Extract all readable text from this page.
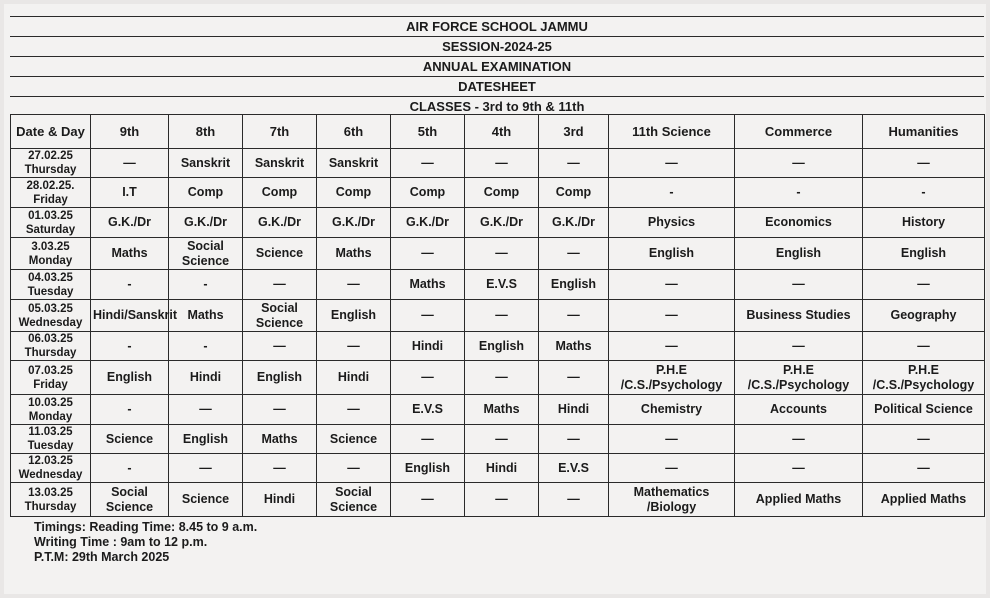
AIR FORCE SCHOOL JAMMU
SESSION-2024-25
ANNUAL EXAMINATION
DATESHEET
CLASSES - 3rd to 9th & 11th
Date & Day	9th	8th	7th	6th	5th	4th	3rd	11th Science	Commerce	Humanities

27.02.25
Thursday	—	Sanskrit	Sanskrit	Sanskrit	—	—	—	—	—	—

28.02.25.
Friday	I.T	Comp	Comp	Comp	Comp	Comp	Comp	-	-	-

01.03.25
Saturday	G.K./Dr	G.K./Dr	G.K./Dr	G.K./Dr	G.K./Dr	G.K./Dr	G.K./Dr	Physics	Economics	History

3.03.25
Monday	Maths	Social Science	Science	Maths	—	—	—	English	English	English

04.03.25
Tuesday	-	-	—	—	Maths	E.V.S	English	—	—	—

05.03.25
Wednesday	Hindi/Sanskrit	Maths	Social Science	English	—	—	—	—	Business Studies	Geography

06.03.25
Thursday	-	-	—	—	Hindi	English	Maths	—	—	—

07.03.25
Friday	English	Hindi	English	Hindi	—	—	—	P.H.E /C.S./Psychology	P.H.E /C.S./Psychology	P.H.E /C.S./Psychology

10.03.25
Monday	-	—	—	—	E.V.S	Maths	Hindi	Chemistry	Accounts	Political Science

11.03.25
Tuesday	Science	English	Maths	Science	—	—	—	—	—	—

12.03.25
Wednesday	-	—	—	—	English	Hindi	E.V.S	—	—	—

13.03.25
Thursday	Social Science	Science	Hindi	Social Science	—	—	—	Mathematics /Biology	Applied Maths	Applied Maths
Timings: Reading Time: 8.45 to 9 a.m.
Writing Time : 9am to 12 p.m.
P.T.M: 29th March 2025
